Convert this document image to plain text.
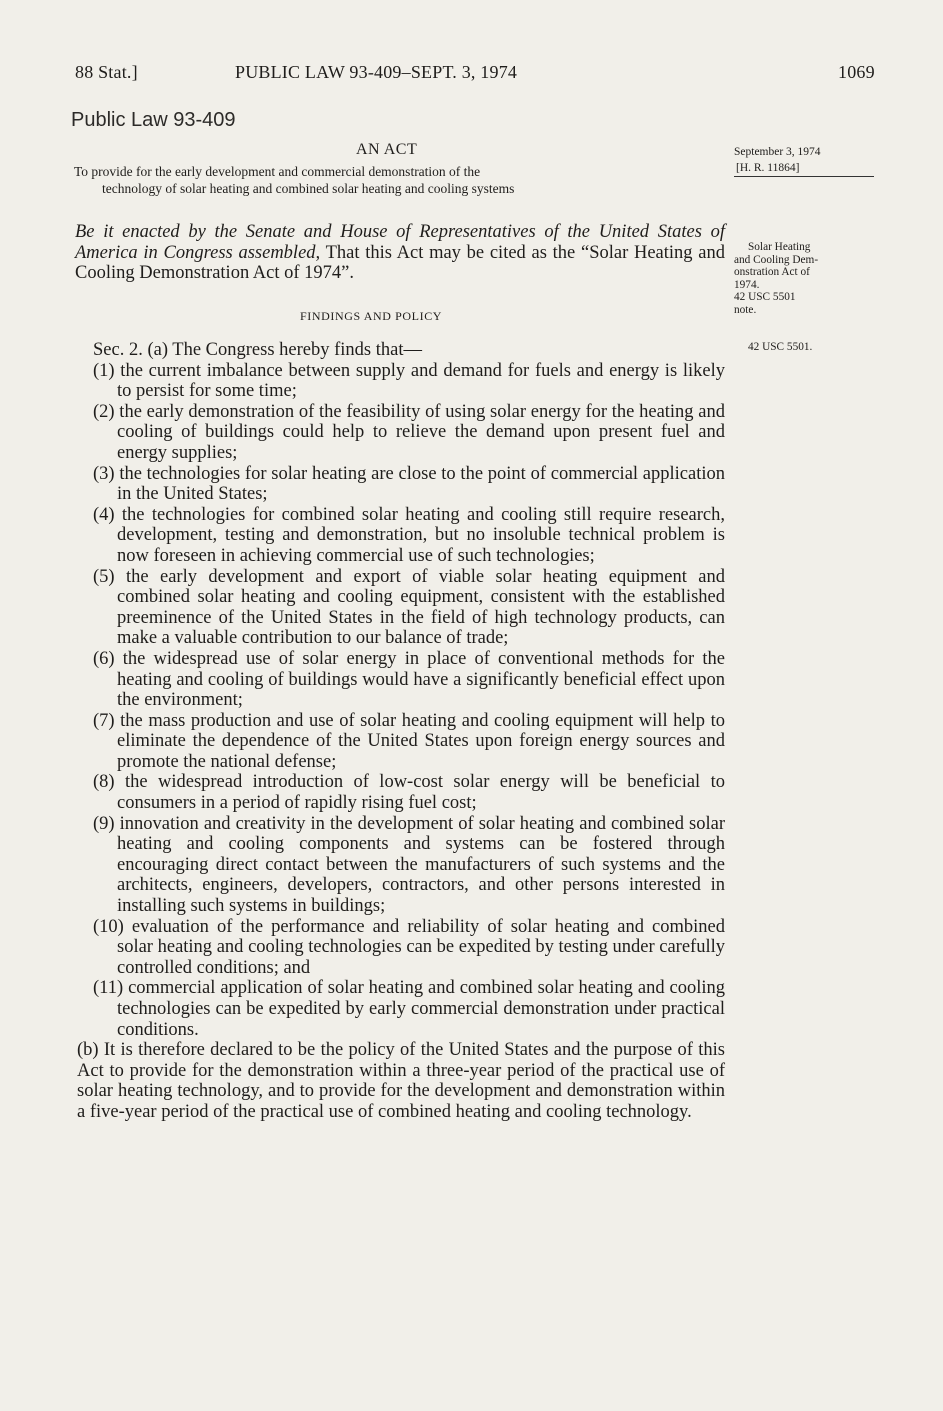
88 Stat.]	PUBLIC LAW 93-409–SEPT. 3, 1974	1069
Public Law 93-409
AN ACT
To provide for the early development and commercial demonstration of the
technology of solar heating and combined solar heating and cooling systems
September 3, 1974
[H. R. 11864]

Be it enacted by the Senate and House of Representatives of the United States of America in Congress assembled, That this Act may be cited as the “Solar Heating and Cooling Demonstration Act of 1974”.

Solar Heating
and Cooling Dem-
onstration Act of
1974.
42 USC 5501
note.
FINDINGS AND POLICY
42 USC 5501.

Sec. 2. (a) The Congress hereby finds that—

(1) the current imbalance between supply and demand for fuels and energy is likely to persist for some time;

(2) the early demonstration of the feasibility of using solar energy for the heating and cooling of buildings could help to relieve the demand upon present fuel and energy supplies;

(3) the technologies for solar heating are close to the point of commercial application in the United States;

(4) the technologies for combined solar heating and cooling still require research, development, testing and demonstration, but no insoluble technical problem is now foreseen in achieving commercial use of such technologies;

(5) the early development and export of viable solar heating equipment and combined solar heating and cooling equipment, consistent with the established preeminence of the United States in the field of high technology products, can make a valuable contribution to our balance of trade;

(6) the widespread use of solar energy in place of conventional methods for the heating and cooling of buildings would have a significantly beneficial effect upon the environment;

(7) the mass production and use of solar heating and cooling equipment will help to eliminate the dependence of the United States upon foreign energy sources and promote the national defense;

(8) the widespread introduction of low-cost solar energy will be beneficial to consumers in a period of rapidly rising fuel cost;

(9) innovation and creativity in the development of solar heating and combined solar heating and cooling components and systems can be fostered through encouraging direct contact between the manufacturers of such systems and the architects, engineers, developers, contractors, and other persons interested in installing such systems in buildings;

(10) evaluation of the performance and reliability of solar heating and combined solar heating and cooling technologies can be expedited by testing under carefully controlled conditions; and

(11) commercial application of solar heating and combined solar heating and cooling technologies can be expedited by early commercial demonstration under practical conditions.

(b) It is therefore declared to be the policy of the United States and the purpose of this Act to provide for the demonstration within a three-year period of the practical use of solar heating technology, and to provide for the development and demonstration within a five-year period of the practical use of combined heating and cooling technology.
